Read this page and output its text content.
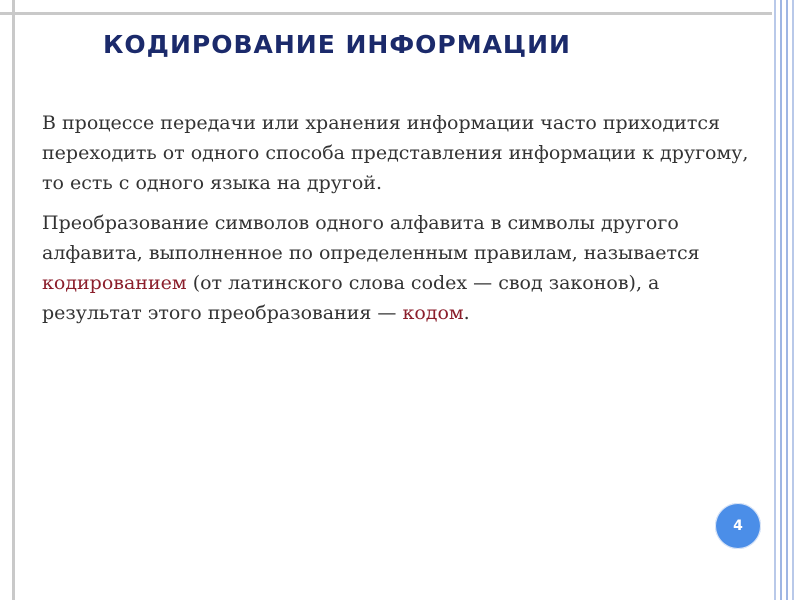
КОДИРОВАНИЕ ИНФОРМАЦИИ

В процессе передачи или хранения информации часто приходится переходить от одного способа представления информации к другому, то есть с одного языка на другой.

Преобразование символов одного алфавита в символы другого алфавита, выполненное по определенным правилам, называется кодированием (от латинского слова codex — свод законов), а результат этого преобразования — кодом.

4
